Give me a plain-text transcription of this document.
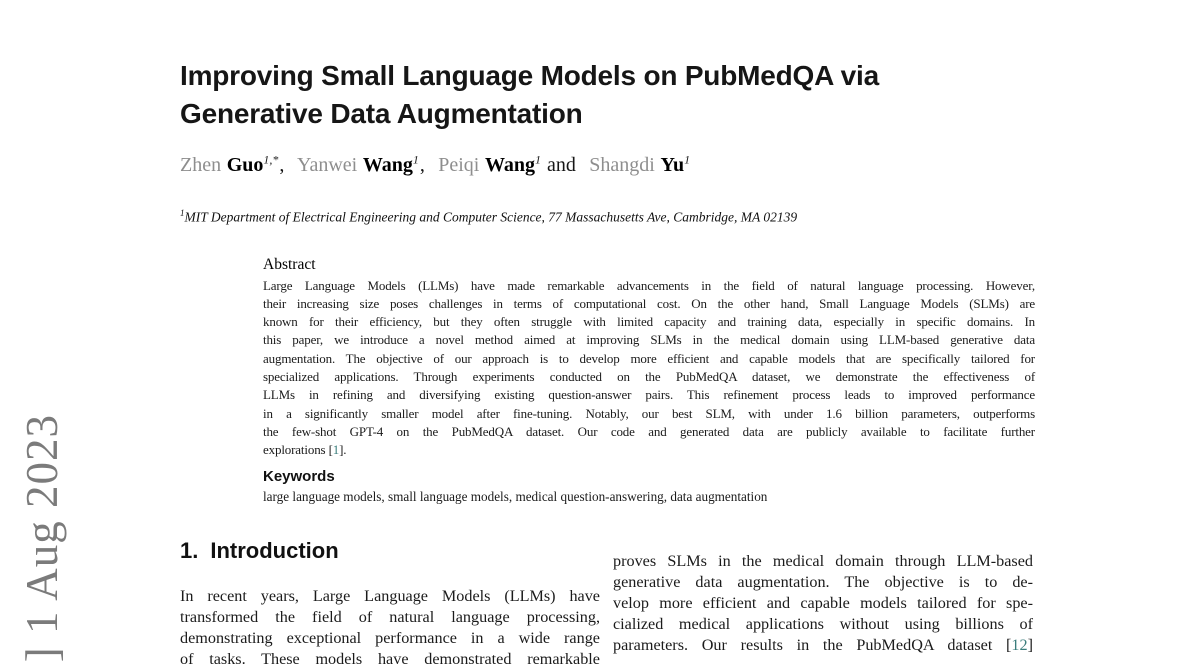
] 1 Aug 2023
Improving Small Language Models on PubMedQA via
Generative Data Augmentation
Zhen Guo$^{1,*}$, Yanwei Wang$^1$, Peiqi Wang$^1$ and Shangdi Yu$^1$
$^1$MIT Department of Electrical Engineering and Computer Science, 77 Massachusetts Ave, Cambridge, MA 02139
Abstract
Large Language Models (LLMs) have made remarkable advancements in the field of natural language processing. However,
their increasing size poses challenges in terms of computational cost. On the other hand, Small Language Models (SLMs) are
known for their efficiency, but they often struggle with limited capacity and training data, especially in specific domains. In
this paper, we introduce a novel method aimed at improving SLMs in the medical domain using LLM-based generative data
augmentation. The objective of our approach is to develop more efficient and capable models that are specifically tailored for
specialized applications. Through experiments conducted on the PubMedQA dataset, we demonstrate the effectiveness of
LLMs in refining and diversifying existing question-answer pairs. This refinement process leads to improved performance
in a significantly smaller model after fine-tuning. Notably, our best SLM, with under 1.6 billion parameters, outperforms
the few-shot GPT-4 on the PubMedQA dataset. Our code and generated data are publicly available to facilitate further
explorations [1].
Keywords
large language models, small language models, medical question-answering, data augmentation
1. Introduction
In recent years, Large Language Models (LLMs) have
transformed the field of natural language processing,
demonstrating exceptional performance in a wide range
of tasks. These models have demonstrated remarkable
proves SLMs in the medical domain through LLM-based
generative data augmentation. The objective is to de-
velop more efficient and capable models tailored for spe-
cialized medical applications without using billions of
parameters. Our results in the PubMedQA dataset [12]
